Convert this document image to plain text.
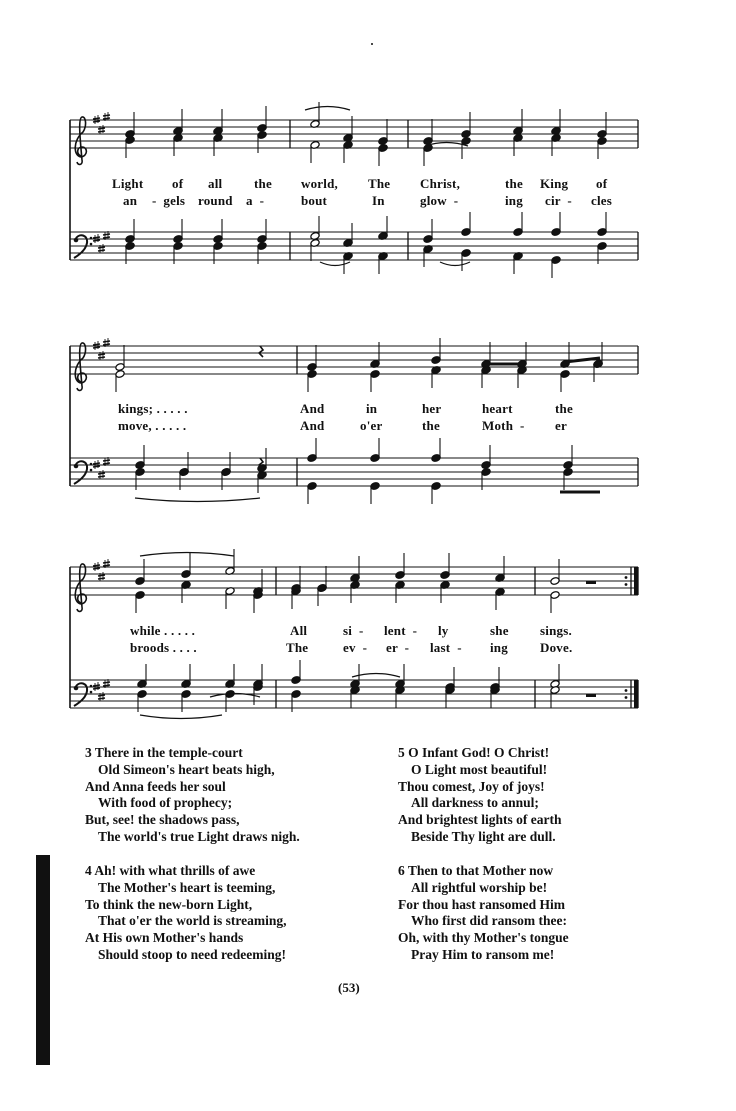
Light
an
of
-  gels
all
round
the
a  -
world,
bout
The
In
Christ,
glow  -
the
ing
King
cir  -
of
cles
kings; . . . . .
move, . . . . .
And
And
in
o'er
her
the
heart
Moth  -
the
er
while . . . . .
broods . . . .
All
The
si  -
ev  -
lent  -
er  -
ly
last  -
she
ing
sings.
Dove.
3 There in the temple-court
Old Simeon's heart beats high,
And Anna feeds her soul
With food of prophecy;
But, see! the shadows pass,
The world's true Light draws nigh.
4 Ah! with what thrills of awe
The Mother's heart is teeming,
To think the new-born Light,
That o'er the world is streaming,
At His own Mother's hands
Should stoop to need redeeming!
5 O Infant God! O Christ!
O Light most beautiful!
Thou comest, Joy of joys!
All darkness to annul;
And brightest lights of earth
Beside Thy light are dull.
6 Then to that Mother now
All rightful worship be!
For thou hast ransomed Him
Who first did ransom thee:
Oh, with thy Mother's tongue
Pray Him to ransom me!
(53)
